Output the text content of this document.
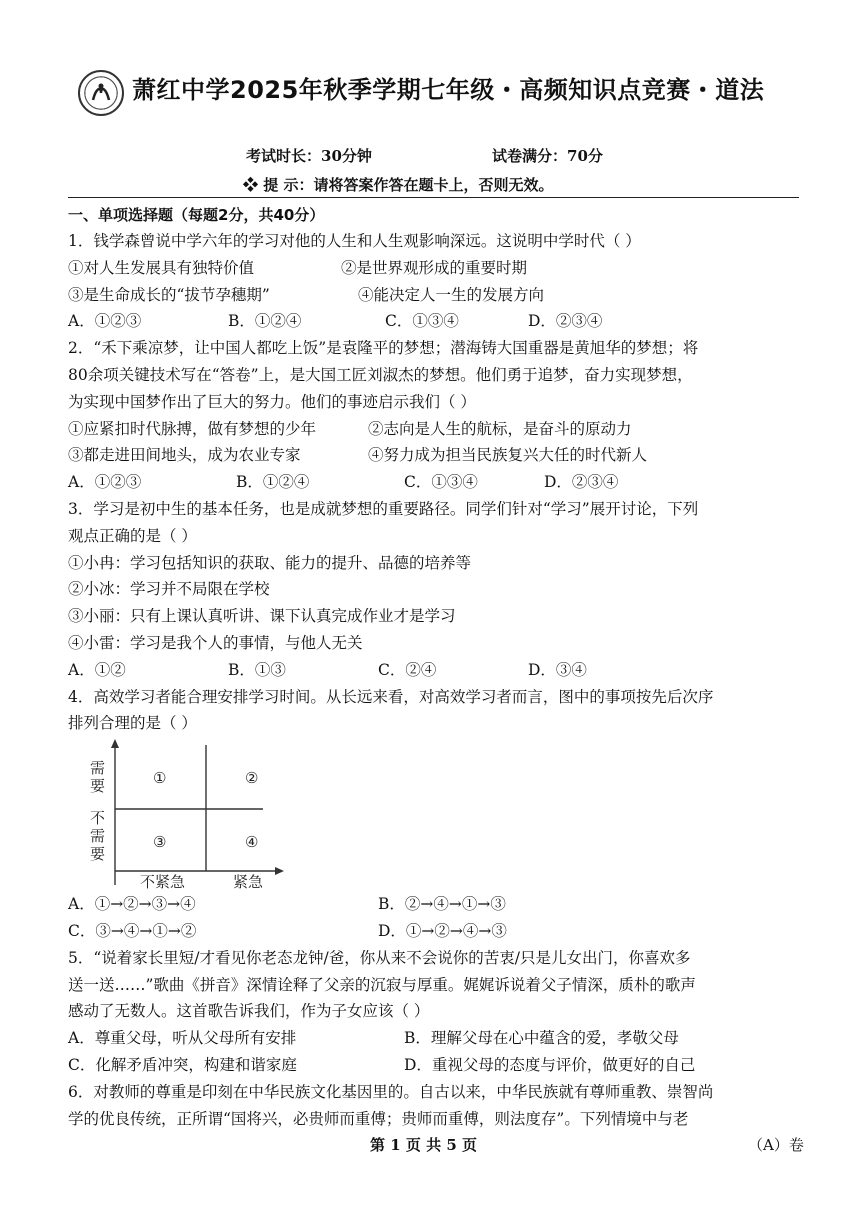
萧红中学2025年秋季学期七年级・高频知识点竞赛・道法
考试时长：30分钟	试卷满分：70分
❖ 提 示：请将答案作答在题卡上，否则无效。
一、单项选择题（每题2分，共40分）
1．钱学森曾说中学六年的学习对他的人生和人生观影响深远。这说明中学时代（ ）
①对人生发展具有独特价值	②是世界观形成的重要时期
③是生命成长的“拔节孕穗期”	④能决定人一生的发展方向
A．①②③	B．①②④	C．①③④	D．②③④
2．“禾下乘凉梦，让中国人都吃上饭”是袁隆平的梦想；潜海铸大国重器是黄旭华的梦想；将
80余项关键技术写在“答卷”上，是大国工匠刘淑杰的梦想。他们勇于追梦，奋力实现梦想，
为实现中国梦作出了巨大的努力。他们的事迹启示我们（ ）
①应紧扣时代脉搏，做有梦想的少年	②志向是人生的航标，是奋斗的原动力
③都走进田间地头，成为农业专家	④努力成为担当民族复兴大任的时代新人
A．①②③	B．①②④	C．①③④	D．②③④
3．学习是初中生的基本任务，也是成就梦想的重要路径。同学们针对“学习”展开讨论，下列
观点正确的是（ ）
①小冉：学习包括知识的获取、能力的提升、品德的培养等
②小冰：学习并不局限在学校
③小丽：只有上课认真听讲、课下认真完成作业才是学习
④小雷：学习是我个人的事情，与他人无关
A．①②	B．①③	C．②④	D．③④
4．高效学习者能合理安排学习时间。从长远来看，对高效学习者而言，图中的事项按先后次序
排列合理的是（ ）
需
要
不
需
要
不紧急	紧急
①	②
③	④
A．①→②→③→④	B．②→④→①→③
C．③→④→①→②	D．①→②→④→③
5．“说着家长里短/才看见你老态龙钟/爸，你从来不会说你的苦衷/只是儿女出门，你喜欢多
送一送……”歌曲《拼音》深情诠释了父亲的沉寂与厚重。娓娓诉说着父子情深，质朴的歌声
感动了无数人。这首歌告诉我们，作为子女应该（ ）
A．尊重父母，听从父母所有安排	B．理解父母在心中蕴含的爱，孝敬父母
C．化解矛盾冲突，构建和谐家庭	D．重视父母的态度与评价，做更好的自己
6．对教师的尊重是印刻在中华民族文化基因里的。自古以来，中华民族就有尊师重教、崇智尚
学的优良传统，正所谓“国将兴，必贵师而重傅；贵师而重傅，则法度存”。下列情境中与老
第 1 页 共 5 页	（A）卷
